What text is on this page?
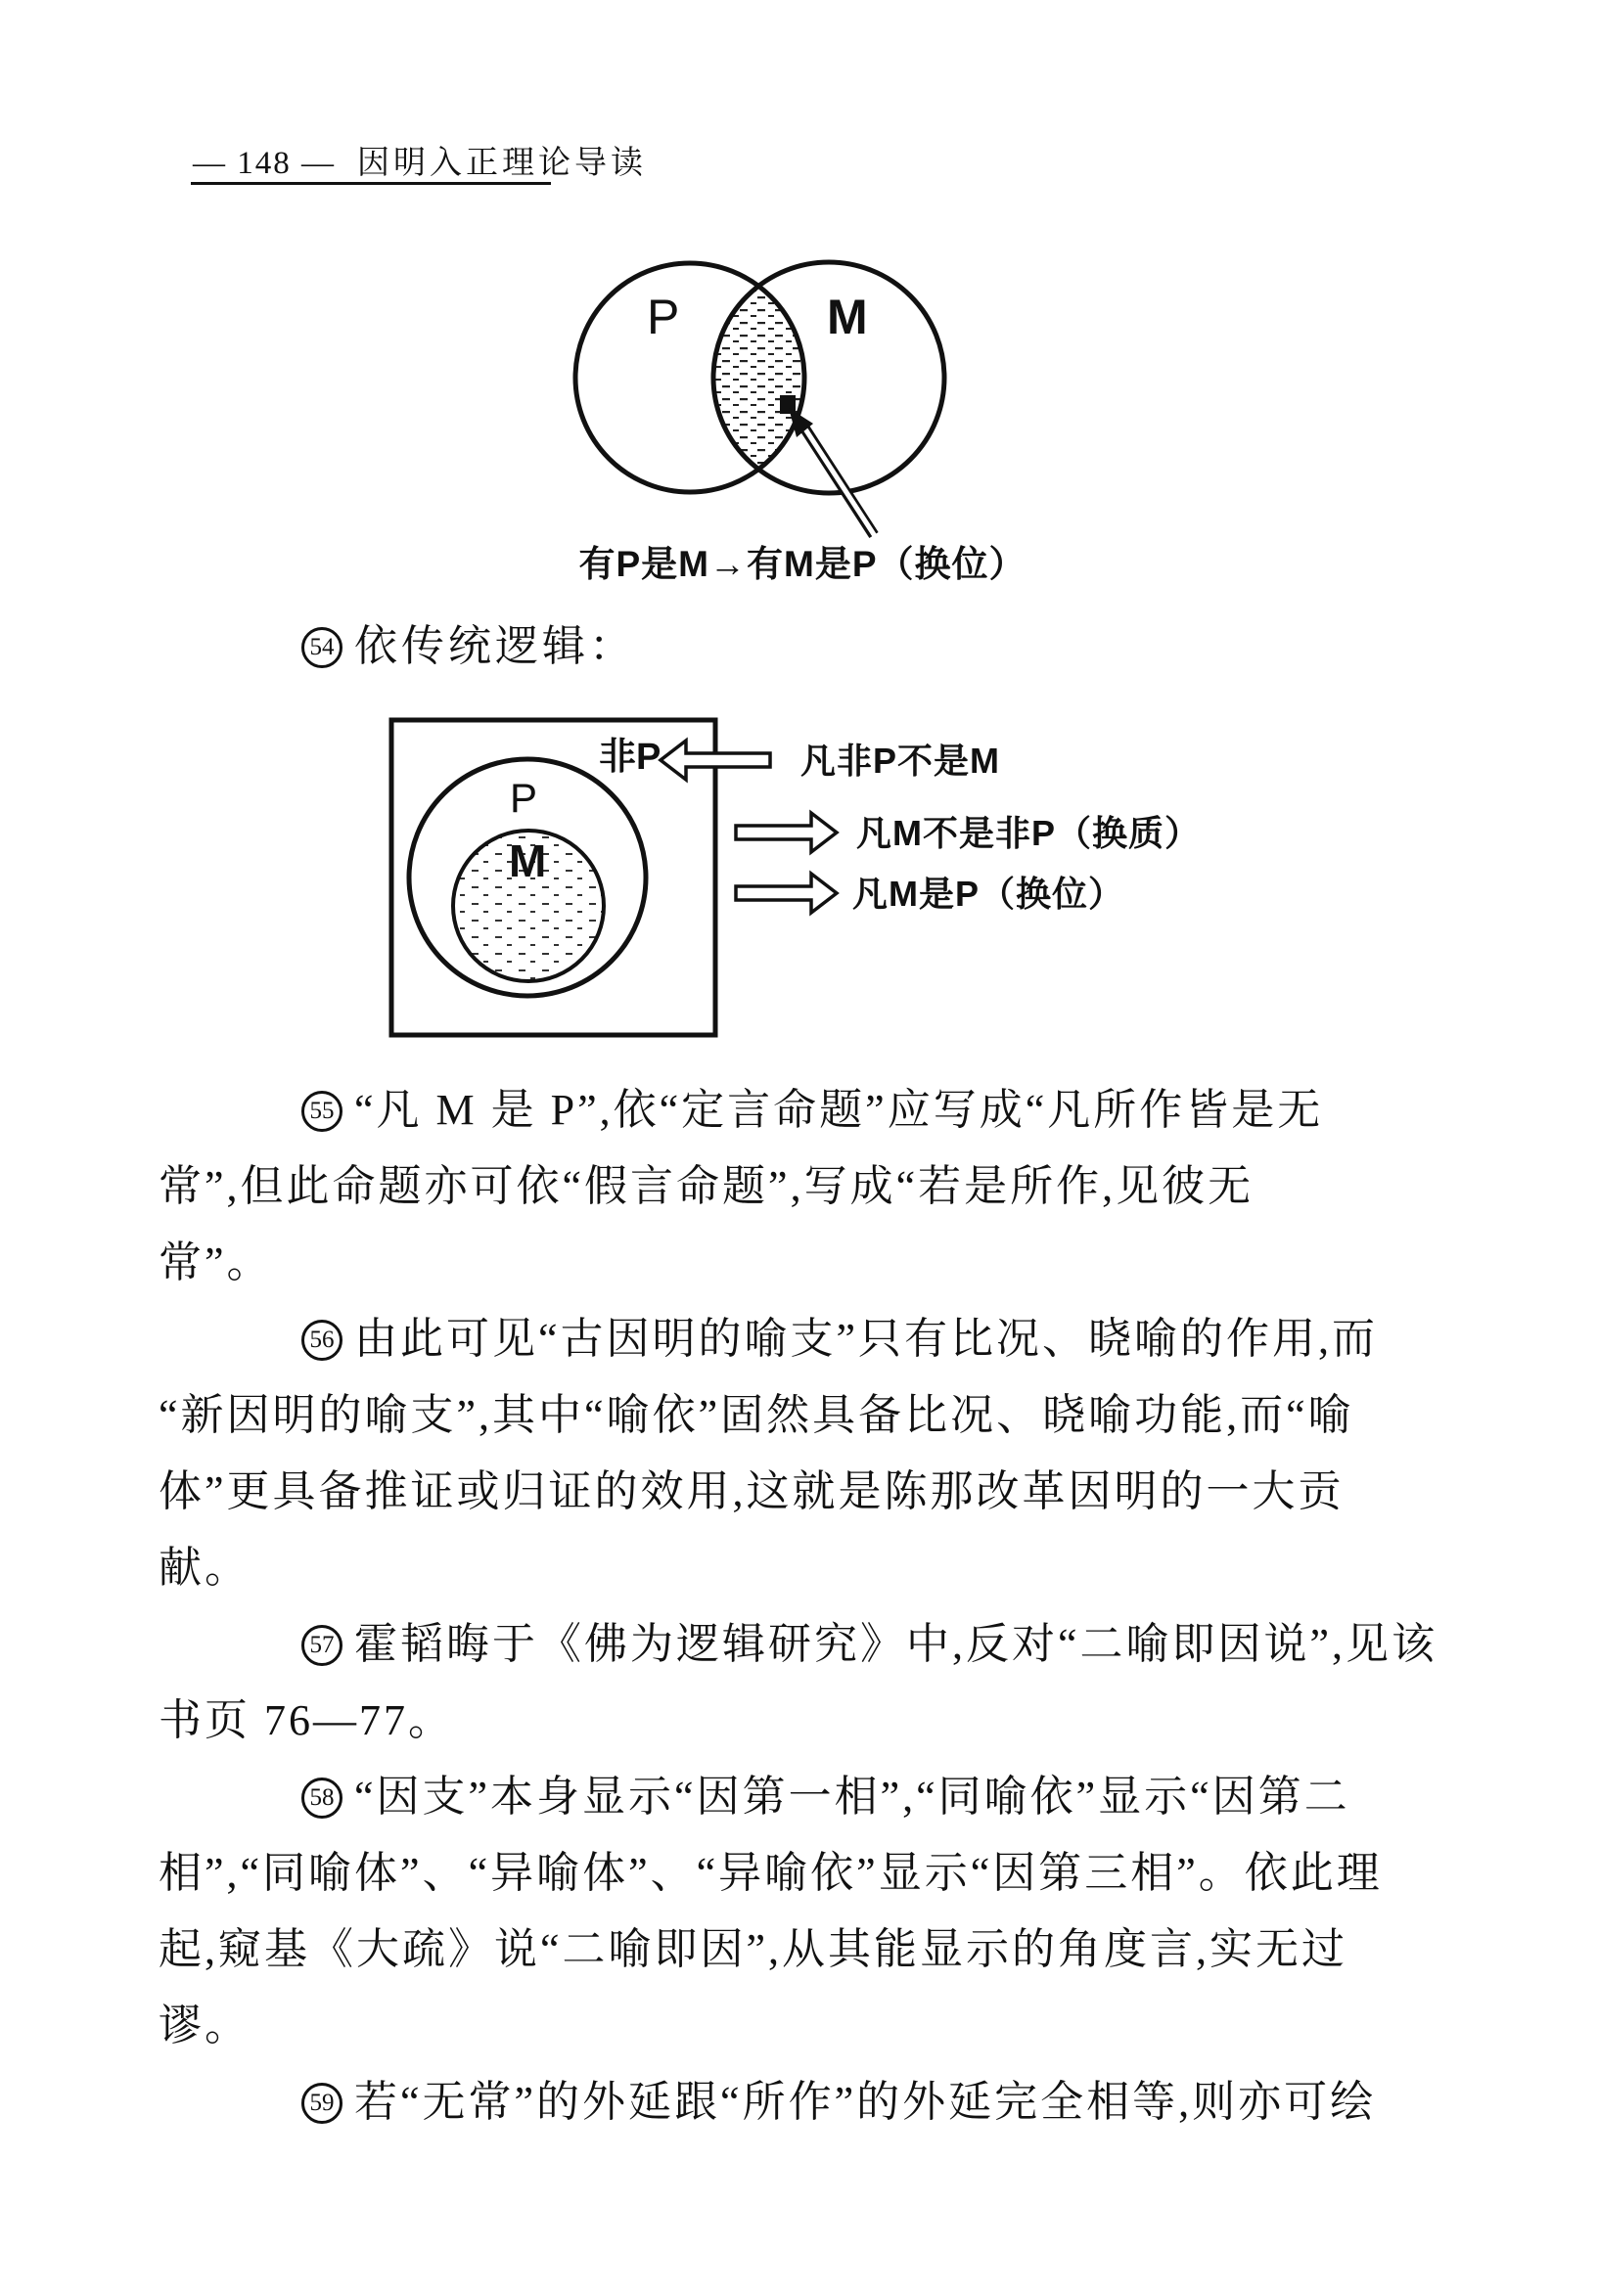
— 148 — 因明入正理论导读
P	M
有P是M→有M是P（换位）
54 依传统逻辑：
P
M
非P	凡非P不是M
凡M不是非P（换质）
凡M是P（换位）
55 “凡 M 是 P”,依“定言命题”应写成“凡所作皆是无
常”,但此命题亦可依“假言命题”,写成“若是所作,见彼无
常”。
56 由此可见“古因明的喻支”只有比况、晓喻的作用,而
“新因明的喻支”,其中“喻依”固然具备比况、晓喻功能,而“喻
体”更具备推证或归证的效用,这就是陈那改革因明的一大贡
献。
57 霍韬晦于《佛为逻辑研究》中,反对“二喻即因说”,见该
书页 76—77。
58 “因支”本身显示“因第一相”,“同喻依”显示“因第二
相”,“同喻体”、“异喻体”、“异喻依”显示“因第三相”。依此理
起,窥基《大疏》说“二喻即因”,从其能显示的角度言,实无过
谬。
59 若“无常”的外延跟“所作”的外延完全相等,则亦可绘
